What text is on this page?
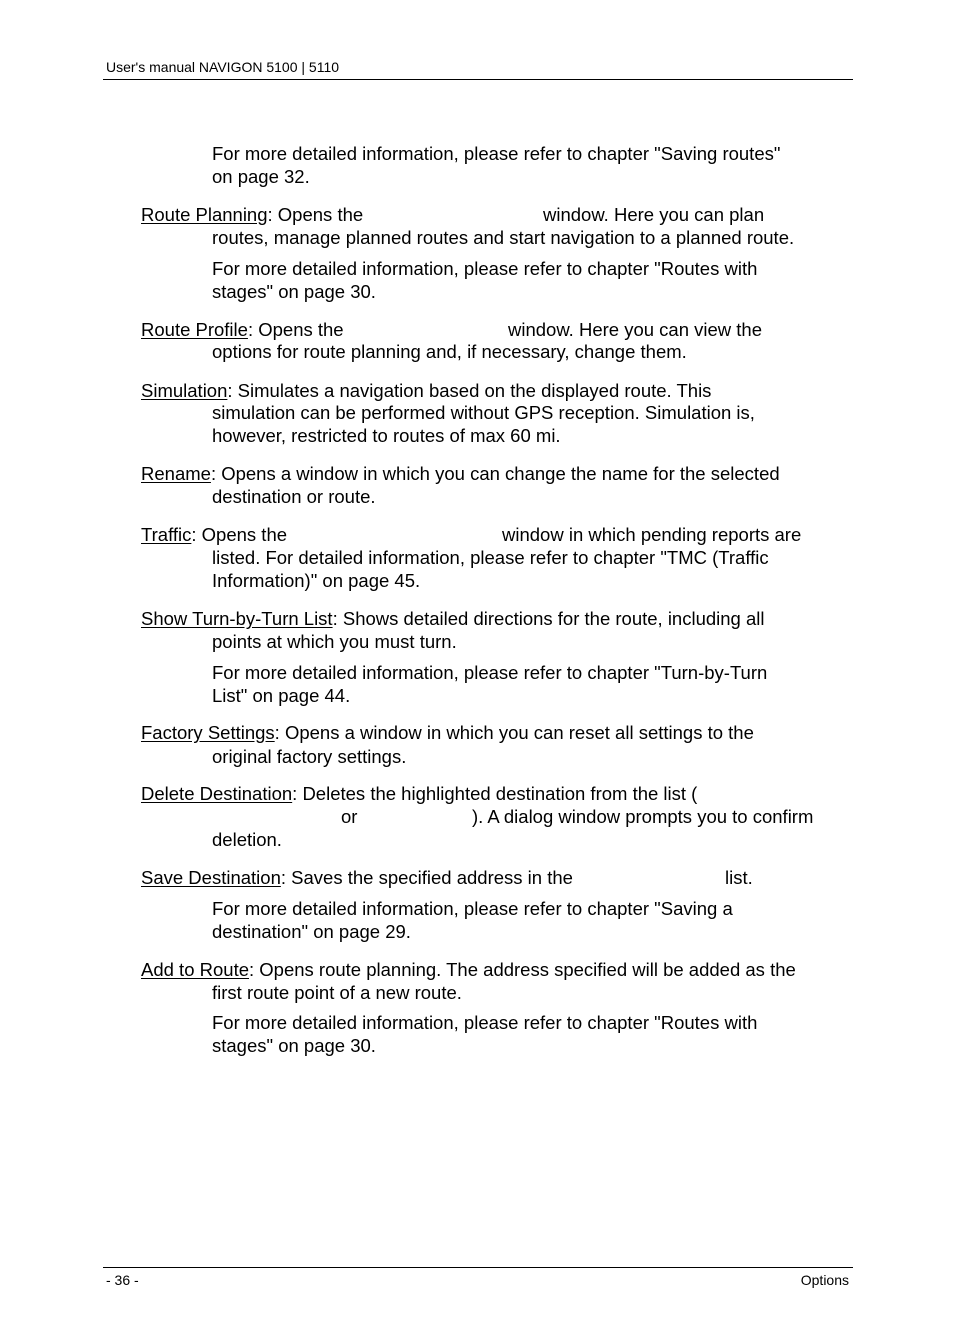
User's manual NAVIGON 5100 | 5110

For more detailed information, please refer to chapter "Saving routes"

on page 32.

Route Planning: Opens the	window. Here you can plan

routes, manage planned routes and start navigation to a planned route.

For more detailed information, please refer to chapter "Routes with

stages" on page 30.

Route Profile: Opens the	window. Here you can view the

options for route planning and, if necessary, change them.

Simulation: Simulates a navigation based on the displayed route. This

simulation can be performed without GPS reception. Simulation is,

however, restricted to routes of max 60 mi.

Rename: Opens a window in which you can change the name for the selected

destination or route.

Traffic: Opens the	window in which pending reports are

listed. For detailed information, please refer to chapter "TMC (Traffic

Information)" on page 45.

Show Turn-by-Turn List: Shows detailed directions for the route, including all

points at which you must turn.

For more detailed information, please refer to chapter "Turn-by-Turn

List" on page 44.

Factory Settings: Opens a window in which you can reset all settings to the

original factory settings.

Delete Destination: Deletes the highlighted destination from the list (

or	). A dialog window prompts you to confirm

deletion.

Save Destination: Saves the specified address in the	list.

For more detailed information, please refer to chapter "Saving a

destination" on page 29.

Add to Route: Opens route planning. The address specified will be added as the

first route point of a new route.

For more detailed information, please refer to chapter "Routes with

stages" on page 30.

- 36 -	Options
